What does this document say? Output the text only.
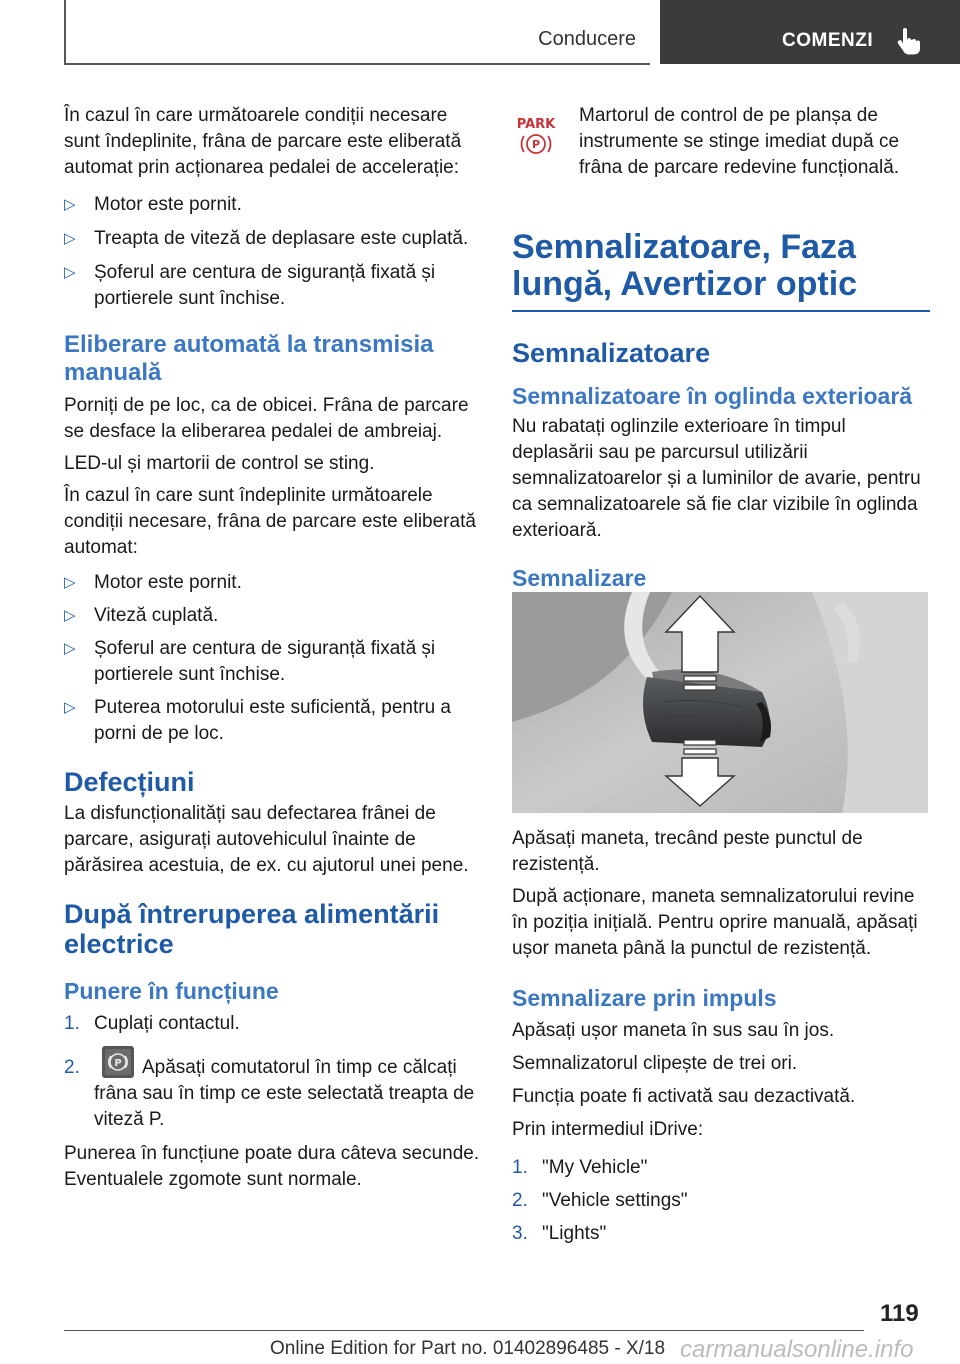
Conducere	COMENZI

În cazul în care următoarele condiții necesare sunt îndeplinite, frâna de parcare este eliberată automat prin acționarea pedalei de accelerație:

▷ Motor este pornit.
▷ Treapta de viteză de deplasare este cuplată.
▷ Șoferul are centura de siguranță fixată și portierele sunt închise.
Eliberare automată la transmisia manuală

Porniți de pe loc, ca de obicei. Frâna de parcare se desface la eliberarea pedalei de ambreiaj.

LED-ul și martorii de control se sting.

În cazul în care sunt îndeplinite următoarele condiții necesare, frâna de parcare este eliberată automat:

▷ Motor este pornit.
▷ Viteză cuplată.
▷ Șoferul are centura de siguranță fixată și portierele sunt închise.
▷ Puterea motorului este suficientă, pentru a porni de pe loc.
Defecțiuni

La disfuncționalități sau defectarea frânei de parcare, asigurați autovehiculul înainte de părăsirea acestuia, de ex. cu ajutorul unei pene.

După întreruperea alimentării electrice
Punere în funcțiune
1. Cuplați contactul.
2.	Apăsați comutatorul în timp ce călcați frâna sau în timp ce este selectată treapta de viteză P.

Punerea în funcțiune poate dura câteva secunde. Eventualele zgomote sunt normale.

P
PARK
P

Martorul de control de pe planșa de instrumente se stinge imediat după ce frâna de parcare redevine funcțională.

Semnalizatoare, Faza lungă, Avertizor optic
Semnalizatoare
Semnalizatoare în oglinda exterioară

Nu rabatați oglinzile exterioare în timpul deplasării sau pe parcursul utilizării semnalizatoarelor și a luminilor de avarie, pentru ca semnalizatoarele să fie clar vizibile în oglinda exterioară.

Semnalizare

Apăsați maneta, trecând peste punctul de rezistență.

După acționare, maneta semnalizatorului revine în poziția inițială. Pentru oprire manuală, apăsați ușor maneta până la punctul de rezistență.

Semnalizare prin impuls

Apăsați ușor maneta în sus sau în jos.

Semnalizatorul clipește de trei ori.

Funcția poate fi activată sau dezactivată.

Prin intermediul iDrive:

1. "My Vehicle"
2. "Vehicle settings"
3. "Lights"
119
Online Edition for Part no. 01402896485 - X/18 carmanualsonline.info
